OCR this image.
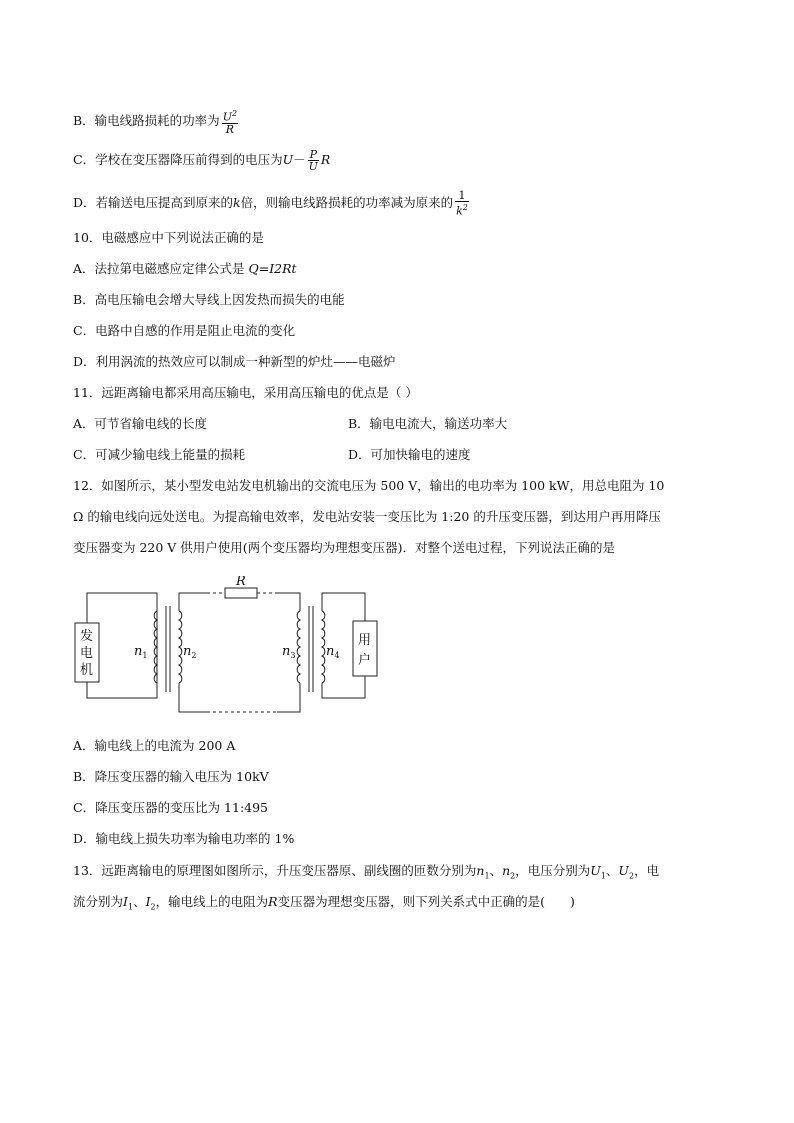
B．输电线路损耗的功率为 $\frac{U^2}{R}$
C．学校在变压器降压前得到的电压为$U- \frac{P}{U}$ R
D．若输送电压提高到原来的k倍，则输电线路损耗的功率减为原来的 $\frac{1}{k^2}$
10．电磁感应中下列说法正确的是
A．法拉第电磁感应定律公式是 Q=I2Rt
B．高电压输电会增大导线上因发热而损失的电能
C．电路中自感的作用是阻止电流的变化
D．利用涡流的热效应可以制成一种新型的炉灶——电磁炉
11．远距离输电都采用高压输电，采用高压输电的优点是（ ）
A．可节省输电线的长度	B．输电电流大，输送功率大
C．可减少输电线上能量的损耗	D．可加快输电的速度
12．如图所示，某小型发电站发电机输出的交流电压为 500 V，输出的电功率为 100 kW，用总电阻为 10
Ω 的输电线向远处送电。为提高输电效率，发电站安装一变压比为 1:20 的升压变压器，到达用户再用降压
变压器变为 220 V 供用户使用(两个变压器均为理想变压器)．对整个送电过程，下列说法正确的是
发
电
机
用
户
R
$n_1$	$n_2$	$n_3$ $n_4$
A．输电线上的电流为 200 A
B．降压变压器的输入电压为 10kV
C．降压变压器的变压比为 11:495
D．输电线上损失功率为输电功率的 1%
13．远距离输电的原理图如图所示，升压变压器原、副线圈的匝数分别为$n_1$、$n_2$，电压分别为$U_1$、$U_2$，电
流分别为$I_1$、$I_2$，输电线上的电阻为R变压器为理想变压器，则下列关系式中正确的是(　　)
